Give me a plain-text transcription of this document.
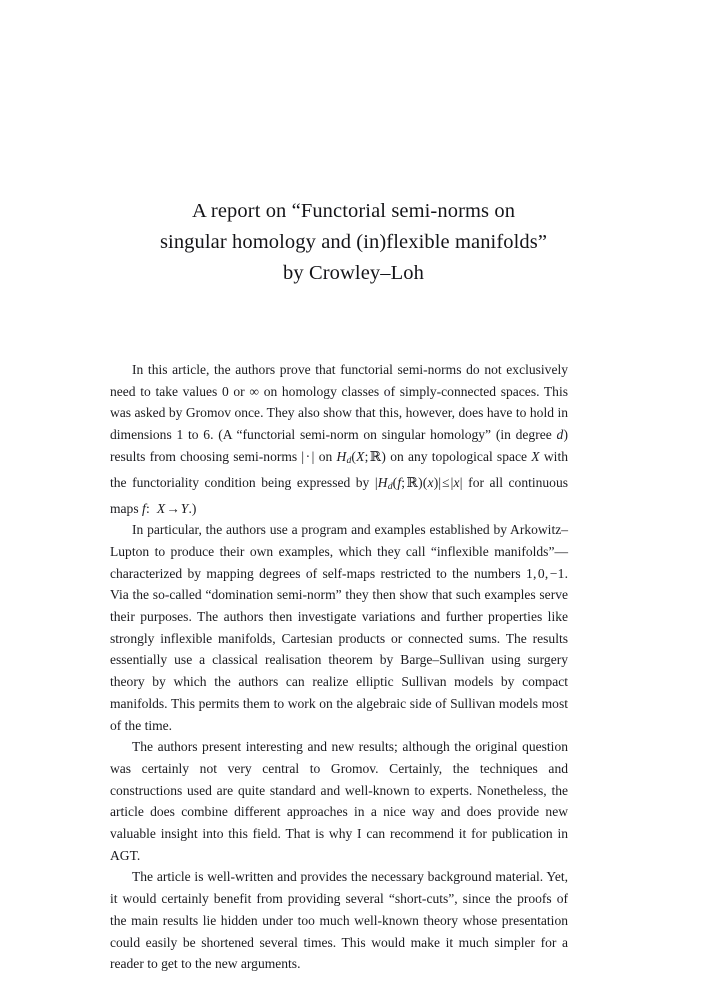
A report on “Functorial semi-norms on
singular homology and (in)flexible manifolds”
by Crowley–Loh

In this article, the authors prove that functorial semi-norms do not exclusively need to take values 0 or ∞ on homology classes of simply-connected spaces. This was asked by Gromov once. They also show that this, however, does have to hold in dimensions 1 to 6. (A “functorial semi-norm on singular homology” (in degree d) results from choosing semi-norms | · | on $H_d(X$; ℝ) on any topological space X with the functoriality condition being expressed by $|H_d(f$; ℝ)(x)|≤|x| for all continuous maps f: X→Y.)

In particular, the authors use a program and examples established by Arkowitz–Lupton to produce their own examples, which they call “inflexible manifolds”—characterized by mapping degrees of self-maps restricted to the numbers 1, 0, −1. Via the so-called “domination semi-norm” they then show that such examples serve their purposes. The authors then investigate variations and further properties like strongly inflexible manifolds, Cartesian products or connected sums. The results essentially use a classical realisation theorem by Barge–Sullivan using surgery theory by which the authors can realize elliptic Sullivan models by compact manifolds. This permits them to work on the algebraic side of Sullivan models most of the time.

The authors present interesting and new results; although the original question was certainly not very central to Gromov. Certainly, the techniques and constructions used are quite standard and well-known to experts. Nonetheless, the article does combine different approaches in a nice way and does provide new valuable insight into this field. That is why I can recommend it for publication in AGT.

The article is well-written and provides the necessary background material. Yet, it would certainly benefit from providing several “short-cuts”, since the proofs of the main results lie hidden under too much well-known theory whose presentation could easily be shortened several times. This would make it much simpler for a reader to get to the new arguments.
